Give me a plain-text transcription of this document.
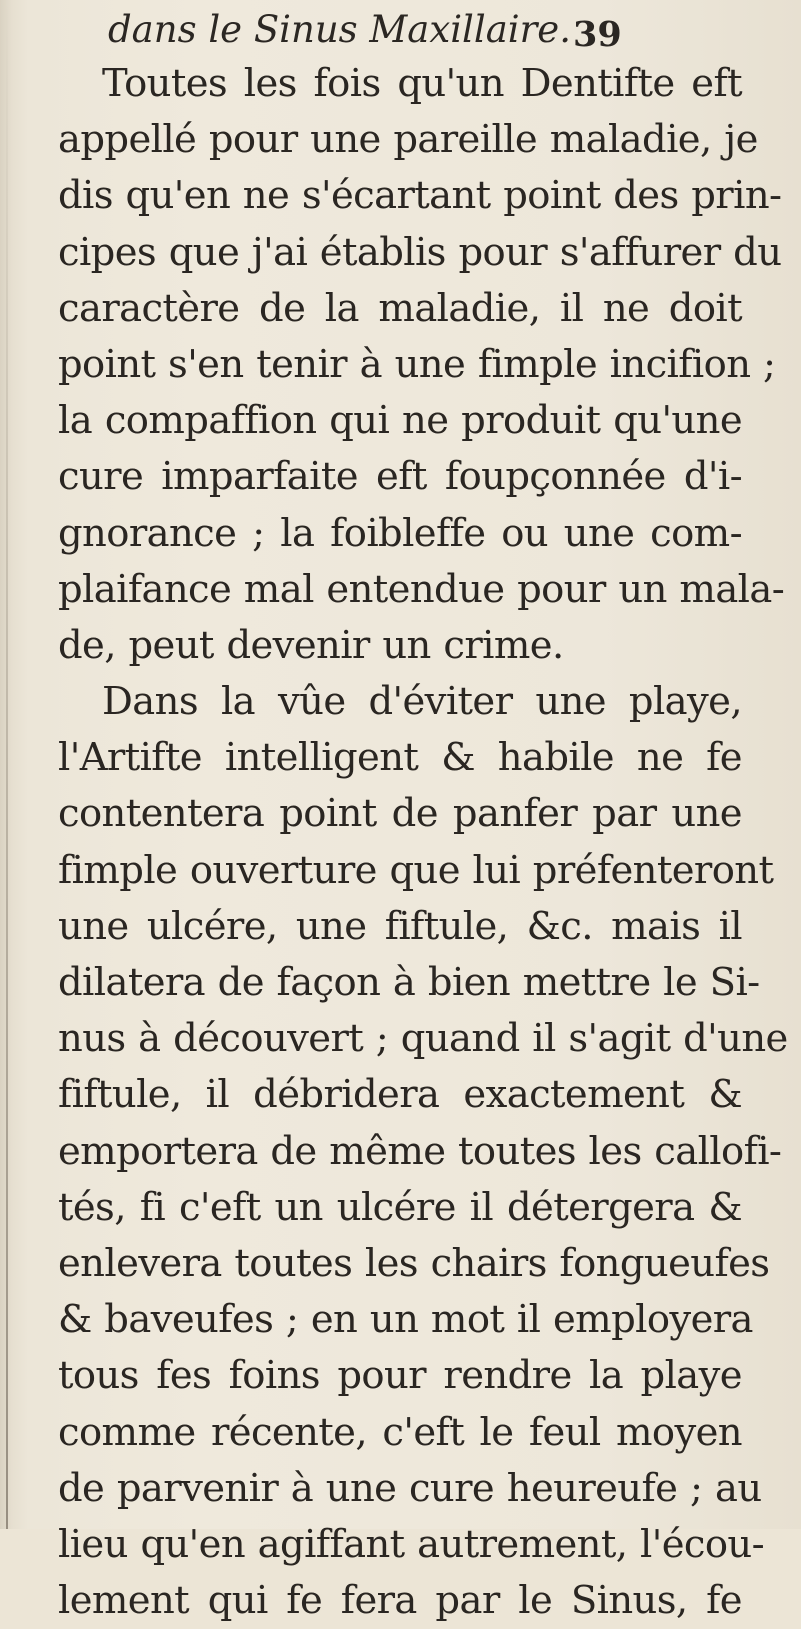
dans le Sinus Maxillaire. 39
Toutes les fois qu'un Dentifte eft
appellé pour une pareille maladie, je
dis qu'en ne s'écartant point des prin-
cipes que j'ai établis pour s'affurer du
caractère de la maladie, il ne doit
point s'en tenir à une fimple incifion ;
la compaffion qui ne produit qu'une
cure imparfaite eft foupçonnée d'i-
gnorance ; la foibleffe ou une com-
plaifance mal entendue pour un mala-
de, peut devenir un crime.
Dans la vûe d'éviter une playe,
l'Artifte intelligent & habile ne fe
contentera point de panfer par une
fimple ouverture que lui préfenteront
une ulcére, une fiftule, &c. mais il
dilatera de façon à bien mettre le Si-
nus à découvert ; quand il s'agit d'une
fiftule, il débridera exactement &
emportera de même toutes les callofi-
tés, fi c'eft un ulcére il détergera &
enlevera toutes les chairs fongueufes
& baveufes ; en un mot il employera
tous fes foins pour rendre la playe
comme récente, c'eft le feul moyen
de parvenir à une cure heureufe ; au
lieu qu'en agiffant autrement, l'écou-
lement qui fe fera par le Sinus, fe
